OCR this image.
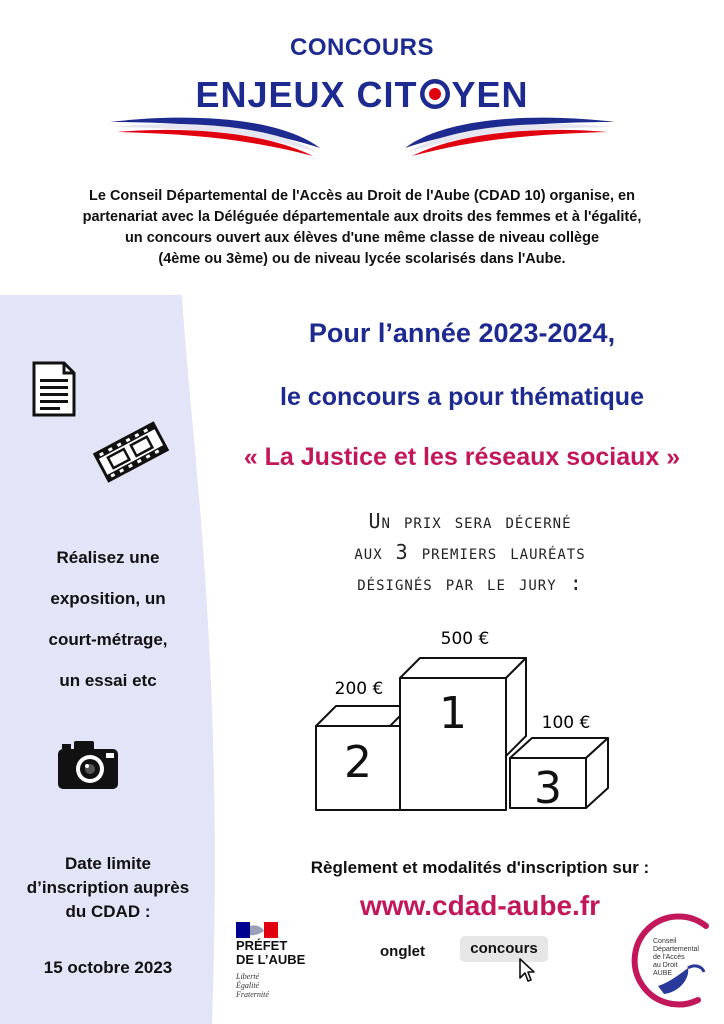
CONCOURS
ENJEUX CIT YEN
Le Conseil Départemental de l'Accès au Droit de l'Aube (CDAD 10) organise, en
partenariat avec la Déléguée départementale aux droits des femmes et à l'égalité,
un concours ouvert aux élèves d'une même classe de niveau collège
(4ème ou 3ème) ou de niveau lycée scolarisés dans l'Aube.
Réalisez une
exposition, un
court-métrage,
un essai etc
Date limite
d’inscription auprès
du CDAD :
15 octobre 2023
Pour l’année 2023-2024,
le concours a pour thématique
« La Justice et les réseaux sociaux »
Un prix sera décerné
aux 3 premiers lauréats
désignés par le jury :
1
2
3
500 €
200 €
100 €
Règlement et modalités d'inscription sur :
www.cdad-aube.fr
onglet	concours
PRÉFET
DE L’AUBE
Liberté
Égalité
Fraternité
Conseil
Départemental
de l'Accès
au Droit
AUBE
